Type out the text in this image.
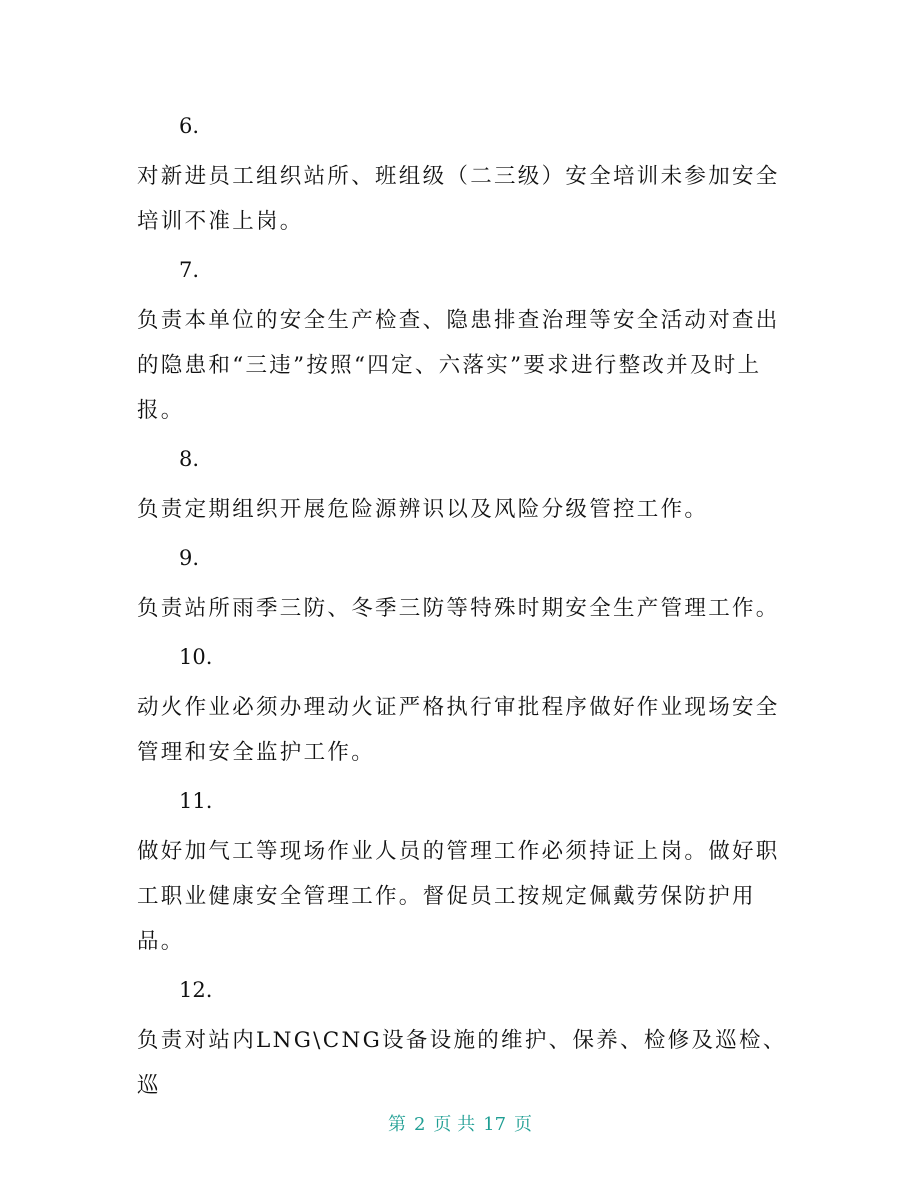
6.

对新进员工组织站所、班组级（二三级）安全培训未参加安全培训不准上岗。

7.

负责本单位的安全生产检查、隐患排查治理等安全活动对查出的隐患和“三违”按照“四定、六落实”要求进行整改并及时上报。

8.

负责定期组织开展危险源辨识以及风险分级管控工作。

9.

负责站所雨季三防、冬季三防等特殊时期安全生产管理工作。

10.

动火作业必须办理动火证严格执行审批程序做好作业现场安全管理和安全监护工作。

11.

做好加气工等现场作业人员的管理工作必须持证上岗。做好职工职业健康安全管理工作。督促员工按规定佩戴劳保防护用品。

12.

负责对站内LNG\CNG设备设施的维护、保养、检修及巡检、巡

第 2 页 共 17 页
